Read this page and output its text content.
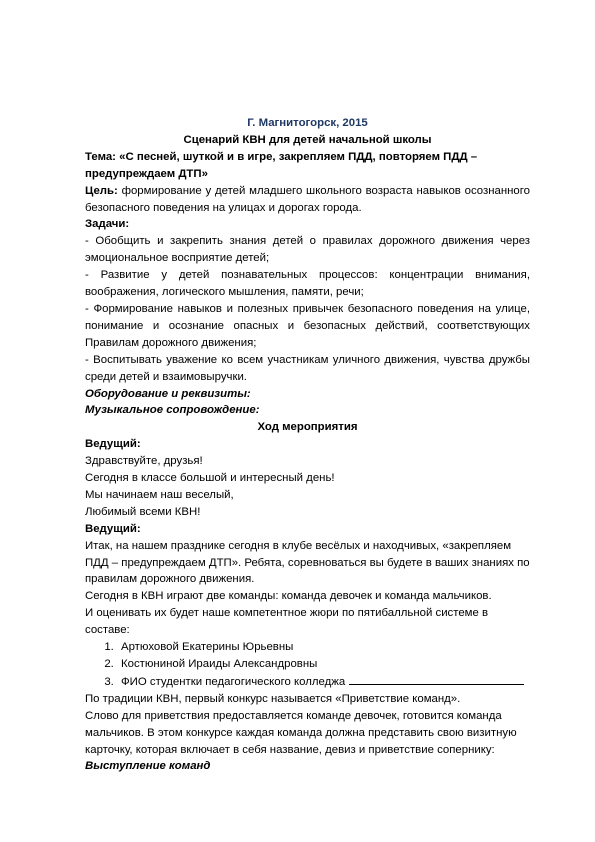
Г. Магнитогорск, 2015

Сценарий КВН для детей начальной школы

Тема: «С песней, шуткой и в игре, закрепляем ПДД, повторяем ПДД – предупреждаем ДТП»

Цель: формирование у детей младшего школьного возраста навыков осознанного безопасного поведения на улицах и дорогах города.

Задачи:

- Обобщить и закрепить знания детей о правилах дорожного движения через эмоциональное восприятие детей;

- Развитие у детей познавательных процессов: концентрации внимания, воображения, логического мышления, памяти, речи;

- Формирование навыков и полезных привычек безопасного поведения на улице, понимание и осознание опасных и безопасных действий, соответствующих Правилам дорожного движения;

- Воспитывать уважение ко всем участникам уличного движения, чувства дружбы среди детей и взаимовыручки.

Оборудование и реквизиты:

Музыкальное сопровождение:

Ход мероприятия

Ведущий:

Здравствуйте, друзья!

Сегодня в классе большой и интересный день!

Мы начинаем наш веселый,

Любимый всеми КВН!

Ведущий:

Итак, на нашем празднике сегодня в клубе весёлых и находчивых, «закрепляем ПДД – предупреждаем ДТП». Ребята, соревноваться вы будете в ваших знаниях по правилам дорожного движения.

Сегодня в КВН играют две команды: команда девочек и команда мальчиков.

И оценивать их будет наше компетентное жюри по пятибалльной системе в составе:

1. Артюховой Екатерины Юрьевны
2. Костюниной Ираиды Александровны
3. ФИО студентки педагогического колледжа

По традиции КВН, первый конкурс называется «Приветствие команд».

Слово для приветствия предоставляется команде девочек, готовится команда мальчиков. В этом конкурсе каждая команда должна представить свою визитную карточку, которая включает в себя название, девиз и приветствие сопернику:

Выступление команд
